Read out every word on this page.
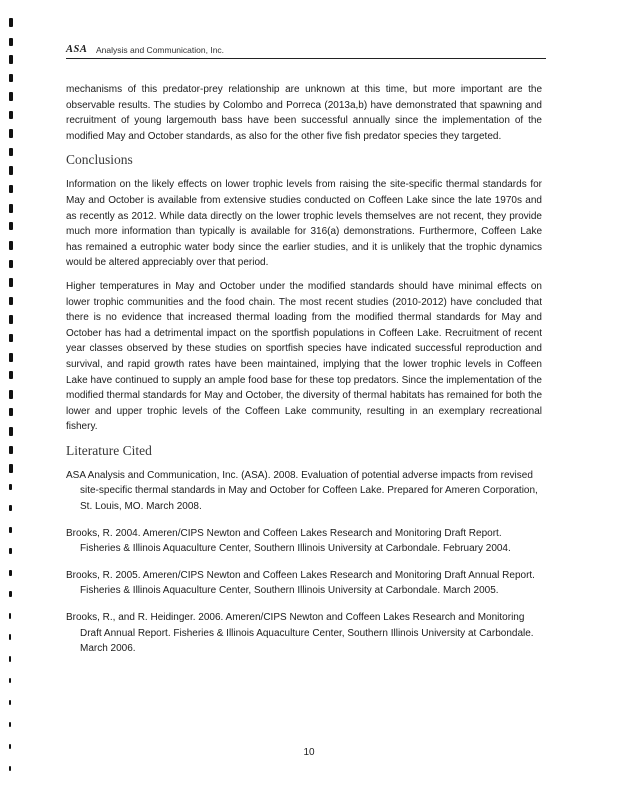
ASA Analysis and Communication, Inc.

mechanisms of this predator-prey relationship are unknown at this time, but more important are the observable results. The studies by Colombo and Porreca (2013a,b) have demonstrated that spawning and recruitment of young largemouth bass have been successful annually since the implementation of the modified May and October standards, as also for the other five fish predator species they targeted.

Conclusions

Information on the likely effects on lower trophic levels from raising the site-specific thermal standards for May and October is available from extensive studies conducted on Coffeen Lake since the late 1970s and as recently as 2012. While data directly on the lower trophic levels themselves are not recent, they provide much more information than typically is available for 316(a) demonstrations. Furthermore, Coffeen Lake has remained a eutrophic water body since the earlier studies, and it is unlikely that the trophic dynamics would be altered appreciably over that period.

Higher temperatures in May and October under the modified standards should have minimal effects on lower trophic communities and the food chain. The most recent studies (2010-2012) have concluded that there is no evidence that increased thermal loading from the modified thermal standards for May and October has had a detrimental impact on the sportfish populations in Coffeen Lake. Recruitment of recent year classes observed by these studies on sportfish species have indicated successful reproduction and survival, and rapid growth rates have been maintained, implying that the lower trophic levels in Coffeen Lake have continued to supply an ample food base for these top predators. Since the implementation of the modified thermal standards for May and October, the diversity of thermal habitats has remained for both the lower and upper trophic levels of the Coffeen Lake community, resulting in an exemplary recreational fishery.

Literature Cited
ASA Analysis and Communication, Inc. (ASA). 2008. Evaluation of potential adverse impacts from revised site-specific thermal standards in May and October for Coffeen Lake. Prepared for Ameren Corporation, St. Louis, MO. March 2008.
Brooks, R. 2004. Ameren/CIPS Newton and Coffeen Lakes Research and Monitoring Draft Report. Fisheries & Illinois Aquaculture Center, Southern Illinois University at Carbondale. February 2004.
Brooks, R. 2005. Ameren/CIPS Newton and Coffeen Lakes Research and Monitoring Draft Annual Report. Fisheries & Illinois Aquaculture Center, Southern Illinois University at Carbondale. March 2005.
Brooks, R., and R. Heidinger. 2006. Ameren/CIPS Newton and Coffeen Lakes Research and Monitoring Draft Annual Report. Fisheries & Illinois Aquaculture Center, Southern Illinois University at Carbondale. March 2006.
10
